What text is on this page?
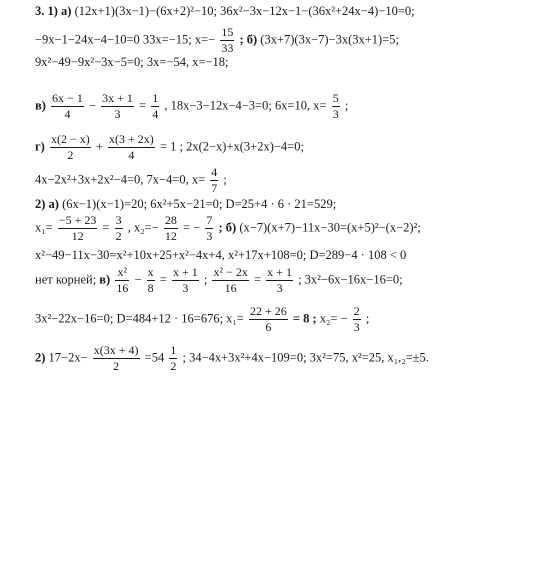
3. 1) а) (12x+1)(3x−1)−(6x+2)²−10; 36x²−3x−12x−1−(36x²+24x−4)−10=0;
−9x−1−24x−4−10=0 33x=−15; $x=- \frac{15}{33}$ ; б) (3x+7)(3x−7)−3x(3x+1)=5;
9x²−49−9x²−3x−5=0; 3x=−54, x=−18;
$в) \frac{6x - 1}{4} - \frac{3x + 1}{3} = \frac{1}{4}$ , 18x−3−12x−4−3=0; 6x=10, $x= \frac{5}{3}$ ;
$г) \frac{x(2 - x)}{2} + \frac{x(3 + 2x)}{4} = 1$ ; 2x(2−x)+x(3+2x)−4=0;
4x−2x²+3x+2x²−4=0, 7x−4=0, $x= \frac{4}{7}$ ;
2) а) (6x−1)(x−1)=20; 6x²+5x−21=0; D=25+4 · 6 · 21=529;
$x_1= \frac{-5 + 23}{12} = \frac{3}{2}$ , $x_2=- \frac{28}{12}$ = − $\frac{7}{3}$ ; б) (x−7)(x+7)−11x−30=(x+5)²−(x−2)²;
x²−49−11x−30=x²+10x+25+x²−4x+4, x²+17x+108=0; D=289−4 · 108 < 0
нет корней; $в) \frac{\text{x²}}{16} - \frac{x}{8} = \frac{x + 1}{3}$ ; $\frac{\text{x² − 2x}}{16} = \frac{x + 1}{3}$ ; 3x²−6x−16x−16=0;
3x²−22x−16=0; D=484+12 · 16=676; $x_1= \frac{22 + 26}{6} = 8$ ; $x_2= - \frac{2}{3}$ ;
2) $17-2x- \frac{x(3x + 4)}{2} =54 \frac{1}{2}$ ; 34−4x+3x²+4x−109=0; 3x²=75, x²=25, x₁,₂=±5.
